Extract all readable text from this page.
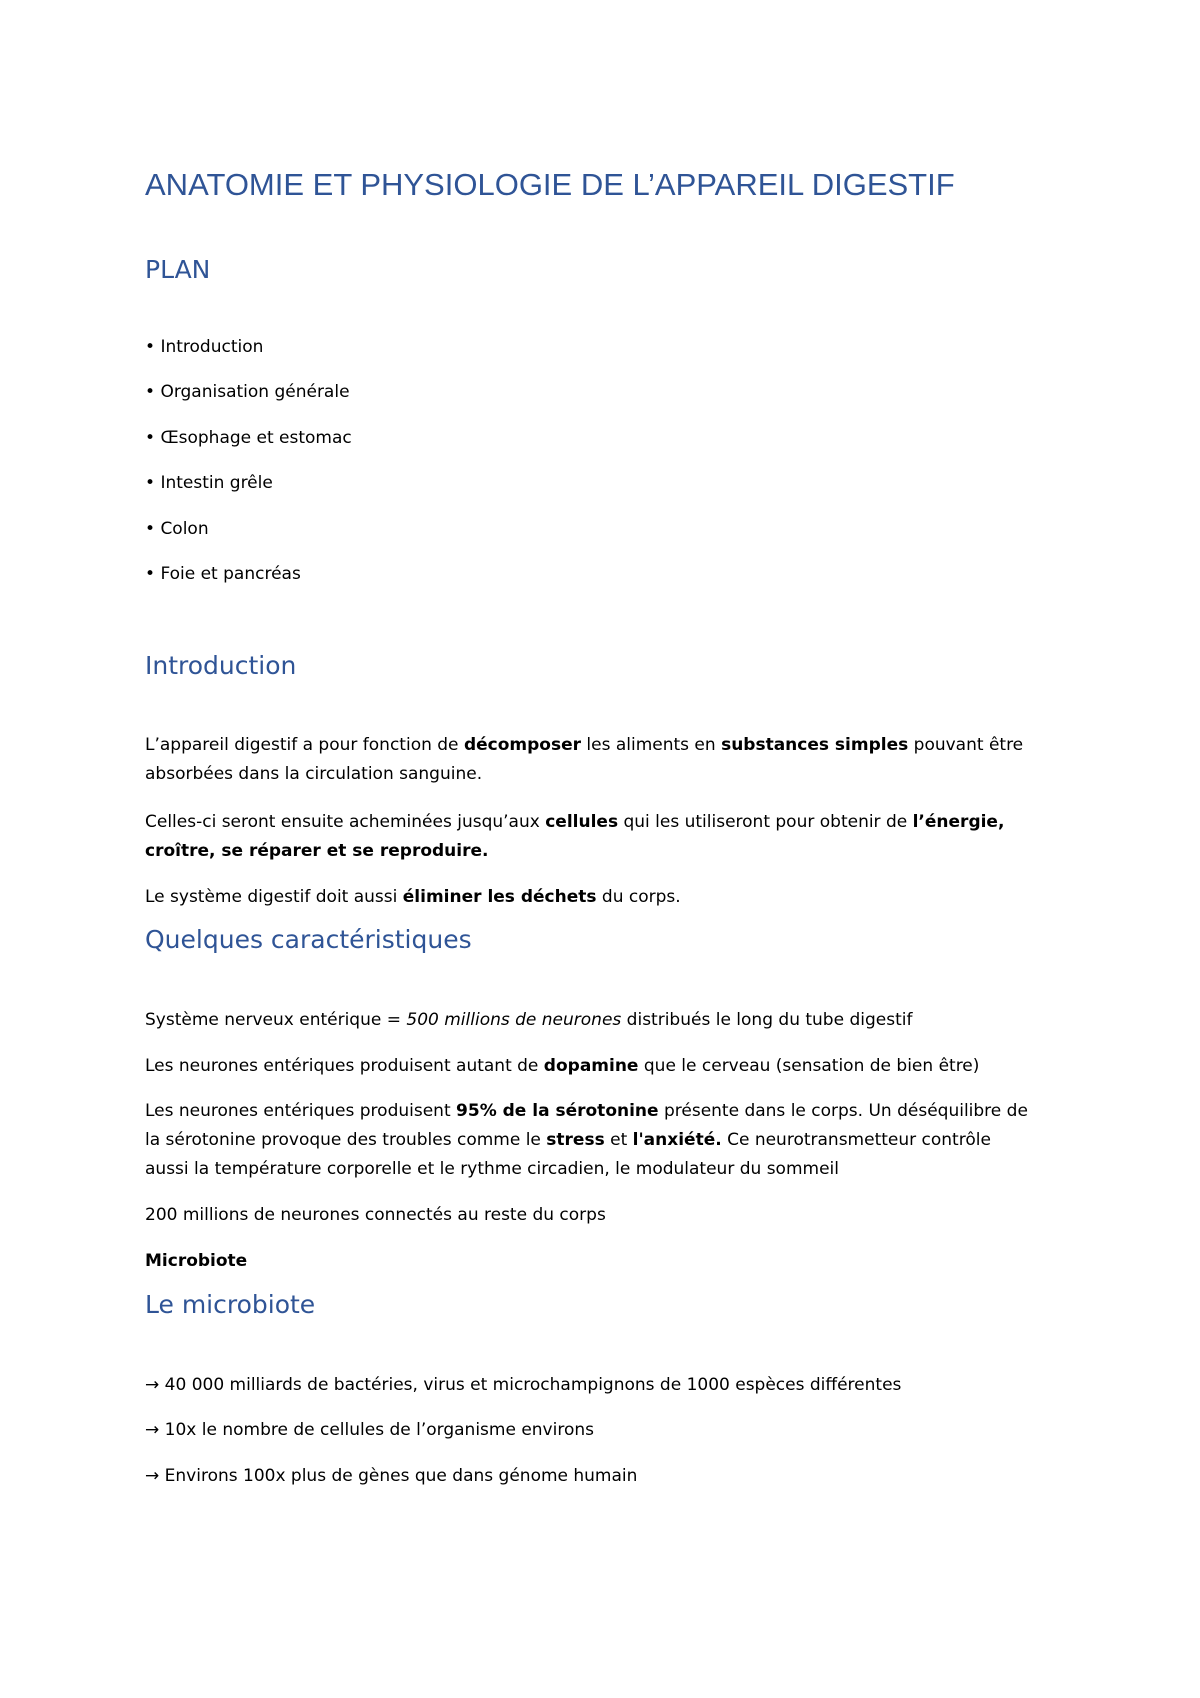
ANATOMIE ET PHYSIOLOGIE DE L’APPAREIL DIGESTIF
PLAN
• Introduction
• Organisation générale
• Œsophage et estomac
• Intestin grêle
• Colon
• Foie et pancréas
Introduction
L’appareil digestif a pour fonction de décomposer les aliments en substances simples pouvant être
absorbées dans la circulation sanguine.
Celles-ci seront ensuite acheminées jusqu’aux cellules qui les utiliseront pour obtenir de l’énergie,
croître, se réparer et se reproduire.
Le système digestif doit aussi éliminer les déchets du corps.
Quelques caractéristiques
Système nerveux entérique = 500 millions de neurones distribués le long du tube digestif
Les neurones entériques produisent autant de dopamine que le cerveau (sensation de bien être)
Les neurones entériques produisent 95% de la sérotonine présente dans le corps. Un déséquilibre de
la sérotonine provoque des troubles comme le stress et l'anxiété. Ce neurotransmetteur contrôle
aussi la température corporelle et le rythme circadien, le modulateur du sommeil
200 millions de neurones connectés au reste du corps
Microbiote
Le microbiote
→ 40 000 milliards de bactéries, virus et microchampignons de 1000 espèces différentes
→ 10x le nombre de cellules de l’organisme environs
→ Environs 100x plus de gènes que dans génome humain
